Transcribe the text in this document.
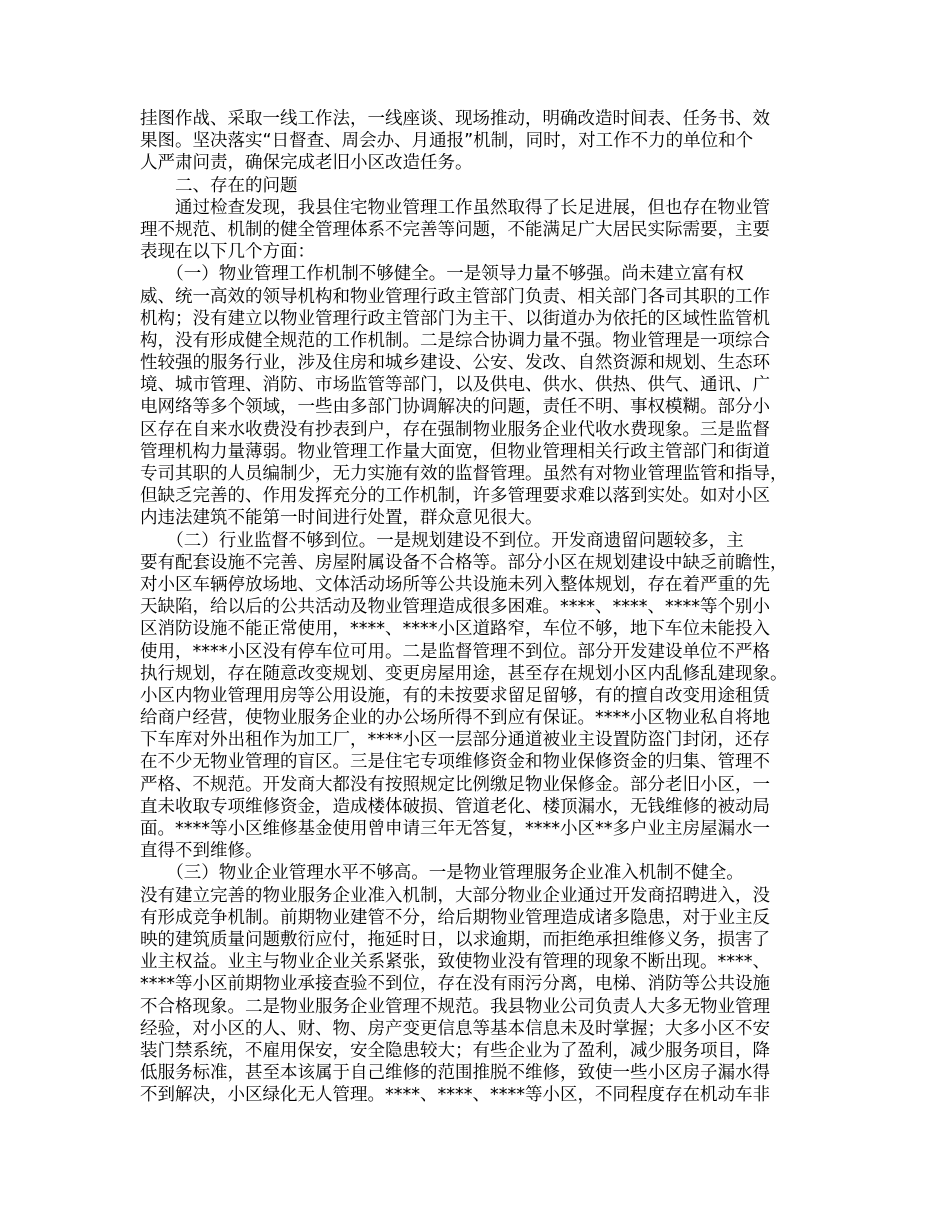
挂图作战、采取一线工作法，一线座谈、现场推动，明确改造时间表、任务书、效
果图。坚决落实“日督查、周会办、月通报”机制，同时，对工作不力的单位和个
人严肃问责，确保完成老旧小区改造任务。
　　二、存在的问题
　　通过检查发现，我县住宅物业管理工作虽然取得了长足进展，但也存在物业管
理不规范、机制的健全管理体系不完善等问题，不能满足广大居民实际需要，主要
表现在以下几个方面：
　　（一）物业管理工作机制不够健全。一是领导力量不够强。尚未建立富有权
威、统一高效的领导机构和物业管理行政主管部门负责、相关部门各司其职的工作
机构；没有建立以物业管理行政主管部门为主干、以街道办为依托的区域性监管机
构，没有形成健全规范的工作机制。二是综合协调力量不强。物业管理是一项综合
性较强的服务行业，涉及住房和城乡建设、公安、发改、自然资源和规划、生态环
境、城市管理、消防、市场监管等部门，以及供电、供水、供热、供气、通讯、广
电网络等多个领域，一些由多部门协调解决的问题，责任不明、事权模糊。部分小
区存在自来水收费没有抄表到户，存在强制物业服务企业代收水费现象。三是监督
管理机构力量薄弱。物业管理工作量大面宽，但物业管理相关行政主管部门和街道
专司其职的人员编制少，无力实施有效的监督管理。虽然有对物业管理监管和指导，
但缺乏完善的、作用发挥充分的工作机制，许多管理要求难以落到实处。如对小区
内违法建筑不能第一时间进行处置，群众意见很大。
　　（二）行业监督不够到位。一是规划建设不到位。开发商遗留问题较多，主
要有配套设施不完善、房屋附属设备不合格等。部分小区在规划建设中缺乏前瞻性，
对小区车辆停放场地、文体活动场所等公共设施未列入整体规划，存在着严重的先
天缺陷，给以后的公共活动及物业管理造成很多困难。****、****、****等个别小
区消防设施不能正常使用，****、****小区道路窄，车位不够，地下车位未能投入
使用，****小区没有停车位可用。二是监督管理不到位。部分开发建设单位不严格
执行规划，存在随意改变规划、变更房屋用途，甚至存在规划小区内乱修乱建现象。
小区内物业管理用房等公用设施，有的未按要求留足留够，有的擅自改变用途租赁
给商户经营，使物业服务企业的办公场所得不到应有保证。****小区物业私自将地
下车库对外出租作为加工厂，****小区一层部分通道被业主设置防盗门封闭，还存
在不少无物业管理的盲区。三是住宅专项维修资金和物业保修资金的归集、管理不
严格、不规范。开发商大都没有按照规定比例缴足物业保修金。部分老旧小区，一
直未收取专项维修资金，造成楼体破损、管道老化、楼顶漏水，无钱维修的被动局
面。****等小区维修基金使用曾申请三年无答复，****小区**多户业主房屋漏水一
直得不到维修。
　　（三）物业企业管理水平不够高。一是物业管理服务企业准入机制不健全。
没有建立完善的物业服务企业准入机制，大部分物业企业通过开发商招聘进入，没
有形成竞争机制。前期物业建管不分，给后期物业管理造成诸多隐患，对于业主反
映的建筑质量问题敷衍应付，拖延时日，以求逾期，而拒绝承担维修义务，损害了
业主权益。业主与物业企业关系紧张，致使物业没有管理的现象不断出现。****、
****等小区前期物业承接查验不到位，存在没有雨污分离，电梯、消防等公共设施
不合格现象。二是物业服务企业管理不规范。我县物业公司负责人大多无物业管理
经验，对小区的人、财、物、房产变更信息等基本信息未及时掌握；大多小区不安
装门禁系统，不雇用保安，安全隐患较大；有些企业为了盈利，减少服务项目，降
低服务标准，甚至本该属于自己维修的范围推脱不维修，致使一些小区房子漏水得
不到解决，小区绿化无人管理。****、****、****等小区，不同程度存在机动车非
